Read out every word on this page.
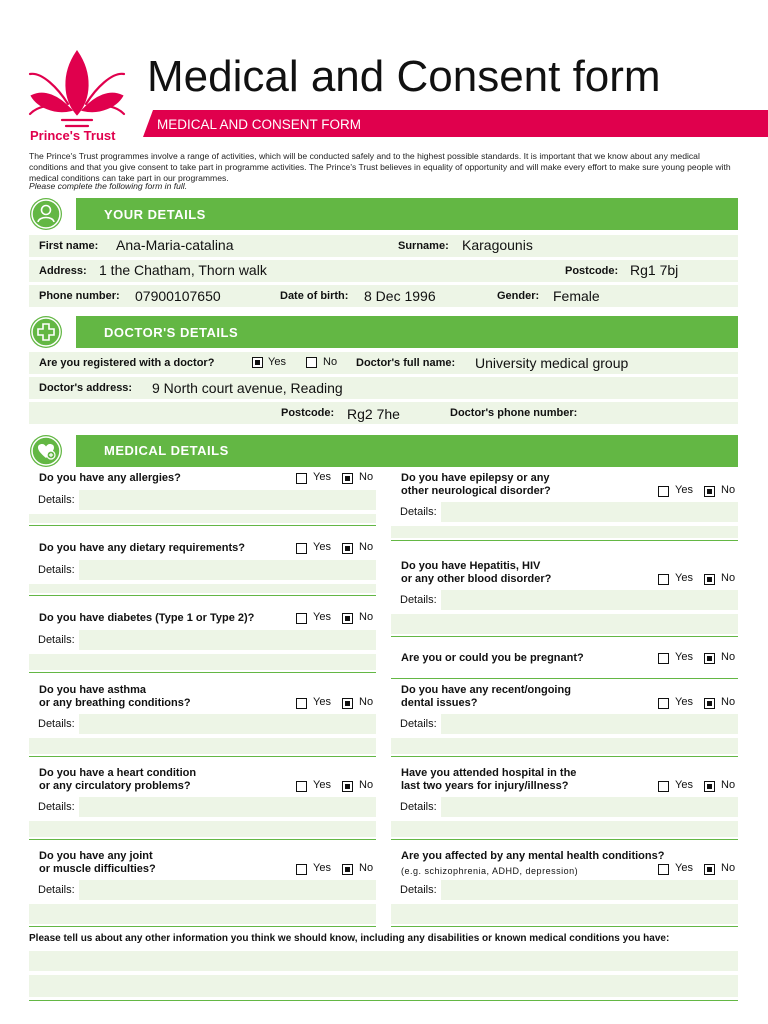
Prince's Trust
Medical and Consent form
MEDICAL AND CONSENT FORM
The Prince's Trust programmes involve a range of activities, which will be conducted safely and to the highest possible standards. It is important that we know about any medical conditions and that you give consent to take part in programme activities. The Prince's Trust believes in equality of opportunity and will make every effort to make sure young people with medical conditions can take part in our programmes.
Please complete the following form in full.
YOUR DETAILS
First name: Ana-Maria-catalina	Surname: Karagounis
Address: 1 the Chatham, Thorn walk	Postcode: Rg1 7bj
Phone number: 07900107650	Date of birth: 8 Dec 1996	Gender: Female
DOCTOR'S DETAILS
Are you registered with a doctor?	Yes	No Doctor's full name: University medical group
Doctor's address: 9 North court avenue, Reading
Postcode: Rg2 7he	Doctor's phone number:
MEDICAL DETAILS
Do you have any allergies?	Yes	No
Details:
Do you have any dietary requirements?	Yes	No
Details:
Do you have diabetes (Type 1 or Type 2)?	Yes	No
Details:
Do you have asthma
or any breathing conditions?	Yes	No
Details:
Do you have a heart condition
or any circulatory problems?	Yes	No
Details:
Do you have any joint
or muscle difficulties?	Yes	No
Details:
Do you have epilepsy or any
other neurological disorder?	Yes	No
Details:
Do you have Hepatitis, HIV
or any other blood disorder?	Yes	No
Details:
Are you or could you be pregnant?	Yes	No
Do you have any recent/ongoing
dental issues?	Yes	No
Details:
Have you attended hospital in the
last two years for injury/illness?	Yes	No
Details:
Are you affected by any mental health conditions?
(e.g. schizophrenia, ADHD, depression)	Yes	No
Details:
Please tell us about any other information you think we should know, including any disabilities or known medical conditions you have:
